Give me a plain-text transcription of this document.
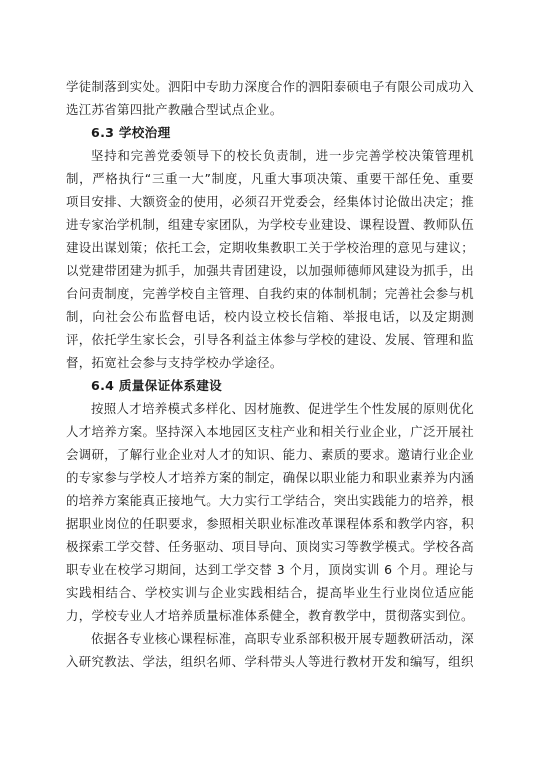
学徒制落到实处。泗阳中专助力深度合作的泗阳泰硕电子有限公司成功入选江苏省第四批产教融合型试点企业。

6.3 学校治理

坚持和完善党委领导下的校长负责制，进一步完善学校决策管理机制，严格执行“三重一大”制度，凡重大事项决策、重要干部任免、重要项目安排、大额资金的使用，必须召开党委会，经集体讨论做出决定；推进专家治学机制，组建专家团队，为学校专业建设、课程设置、教师队伍建设出谋划策；依托工会，定期收集教职工关于学校治理的意见与建议；以党建带团建为抓手，加强共青团建设，以加强师德师风建设为抓手，出台问责制度，完善学校自主管理、自我约束的体制机制；完善社会参与机制，向社会公布监督电话，校内设立校长信箱、举报电话，以及定期测评，依托学生家长会，引导各利益主体参与学校的建设、发展、管理和监督，拓宽社会参与支持学校办学途径。

6.4 质量保证体系建设

按照人才培养模式多样化、因材施教、促进学生个性发展的原则优化人才培养方案。坚持深入本地园区支柱产业和相关行业企业，广泛开展社会调研，了解行业企业对人才的知识、能力、素质的要求。邀请行业企业的专家参与学校人才培养方案的制定，确保以职业能力和职业素养为内涵的培养方案能真正接地气。大力实行工学结合，突出实践能力的培养，根据职业岗位的任职要求，参照相关职业标准改革课程体系和教学内容，积极探索工学交替、任务驱动、项目导向、顶岗实习等教学模式。学校各高职专业在校学习期间，达到工学交替 3 个月，顶岗实训 6 个月。理论与实践相结合、学校实训与企业实践相结合，提高毕业生行业岗位适应能力，学校专业人才培养质量标准体系健全，教育教学中，贯彻落实到位。

依据各专业核心课程标准，高职专业系部积极开展专题教研活动，深入研究教法、学法，组织名师、学科带头人等进行教材开发和编写，组织
